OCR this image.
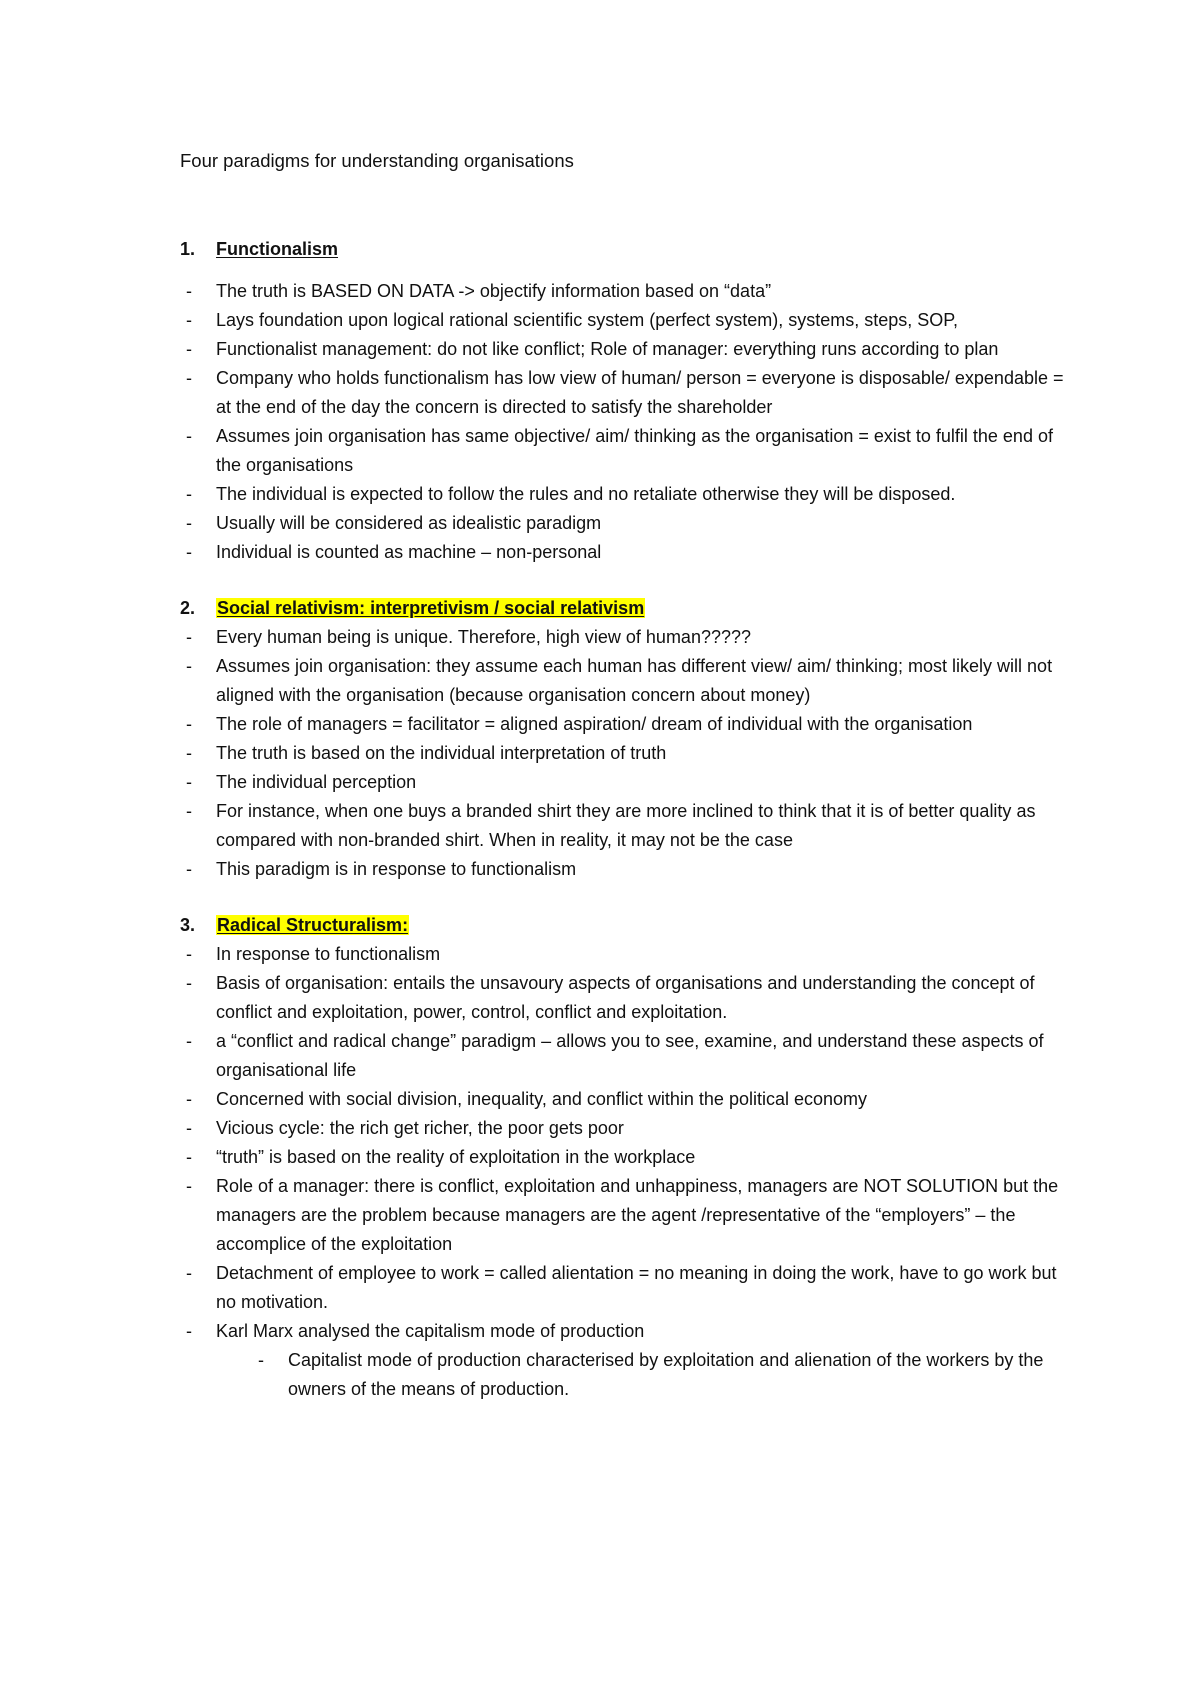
Four paradigms for understanding organisations

1. Functionalism

- The truth is BASED ON DATA -> objectify information based on “data”
- Lays foundation upon logical rational scientific system (perfect system), systems, steps, SOP,
- Functionalist management: do not like conflict; Role of manager: everything runs according to plan
- Company who holds functionalism has low view of human/ person = everyone is disposable/ expendable = at the end of the day the concern is directed to satisfy the shareholder
- Assumes join organisation has same objective/ aim/ thinking as the organisation = exist to fulfil the end of the organisations
- The individual is expected to follow the rules and no retaliate otherwise they will be disposed.
- Usually will be considered as idealistic paradigm
- Individual is counted as machine – non-personal

2. Social relativism: interpretivism / social relativism

- Every human being is unique. Therefore, high view of human?????
- Assumes join organisation: they assume each human has different view/ aim/ thinking; most likely will not aligned with the organisation (because organisation concern about money)
- The role of managers = facilitator = aligned aspiration/ dream of individual with the organisation
- The truth is based on the individual interpretation of truth
- The individual perception
- For instance, when one buys a branded shirt they are more inclined to think that it is of better quality as compared with non-branded shirt. When in reality, it may not be the case
- This paradigm is in response to functionalism

3. Radical Structuralism:

- In response to functionalism
- Basis of organisation: entails the unsavoury aspects of organisations and understanding the concept of conflict and exploitation, power, control, conflict and exploitation.
- a “conflict and radical change” paradigm – allows you to see, examine, and understand these aspects of organisational life
- Concerned with social division, inequality, and conflict within the political economy
- Vicious cycle: the rich get richer, the poor gets poor
- “truth” is based on the reality of exploitation in the workplace
- Role of a manager: there is conflict, exploitation and unhappiness, managers are NOT SOLUTION but the managers are the problem because managers are the agent /representative of the “employers” – the accomplice of the exploitation
- Detachment of employee to work = called alientation = no meaning in doing the work, have to go work but no motivation.
- Karl Marx analysed the capitalism mode of production
- Capitalist mode of production characterised by exploitation and alienation of the workers by the owners of the means of production.
